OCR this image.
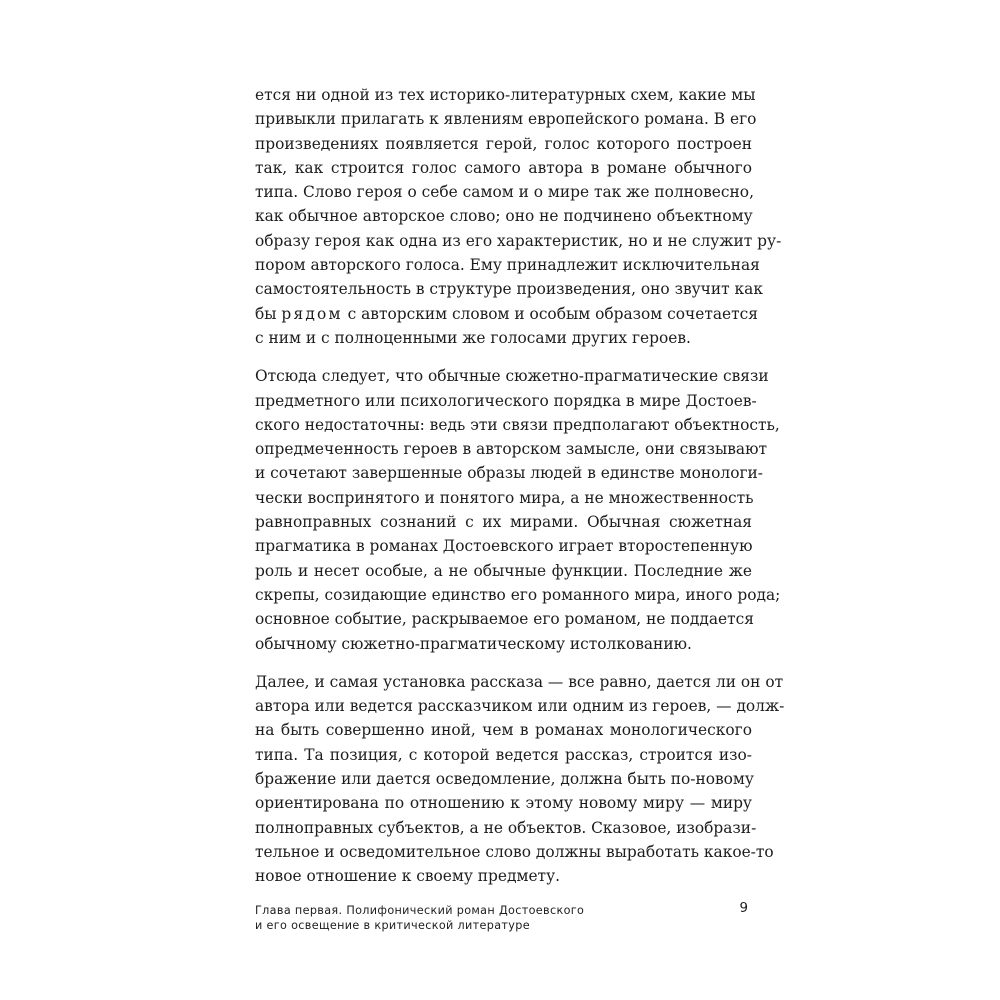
ется ни одной из тех историко-литературных схем, какие мы
привыкли прилагать к явлениям европейского романа. В его
произведениях появляется герой, голос которого построен
так, как строится голос самого автора в романе обычного
типа. Слово героя о себе самом и о мире так же полновесно,
как обычное авторское слово; оно не подчинено объектному
образу героя как одна из его характеристик, но и не служит ру-
пором авторского голоса. Ему принадлежит исключительная
самостоятельность в структуре произведения, оно звучит как
бы рядом с авторским словом и особым образом сочетается
с ним и с полноценными же голосами других героев.
Отсюда следует, что обычные сюжетно-прагматические связи
предметного или психологического порядка в мире Достоев-
ского недостаточны: ведь эти связи предполагают объектность,
опредмеченность героев в авторском замысле, они связывают
и сочетают завершенные образы людей в единстве монологи-
чески воспринятого и понятого мира, а не множественность
равноправных сознаний с их мирами. Обычная сюжетная
прагматика в романах Достоевского играет второстепенную
роль и несет особые, а не обычные функции. Последние же
скрепы, созидающие единство его романного мира, иного рода;
основное событие, раскрываемое его романом, не поддается
обычному сюжетно-прагматическому истолкованию.
Далее, и самая установка рассказа — все равно, дается ли он от
автора или ведется рассказчиком или одним из героев, — долж-
на быть совершенно иной, чем в романах монологического
типа. Та позиция, с которой ведется рассказ, строится изо-
бражение или дается осведомление, должна быть по-новому
ориентирована по отношению к этому новому миру — миру
полноправных субъектов, а не объектов. Сказовое, изобрази-
тельное и осведомительное слово должны выработать какое-то
новое отношение к своему предмету.
Глава первая. Полифонический роман Достоевского
и его освещение в критической литературе
9
